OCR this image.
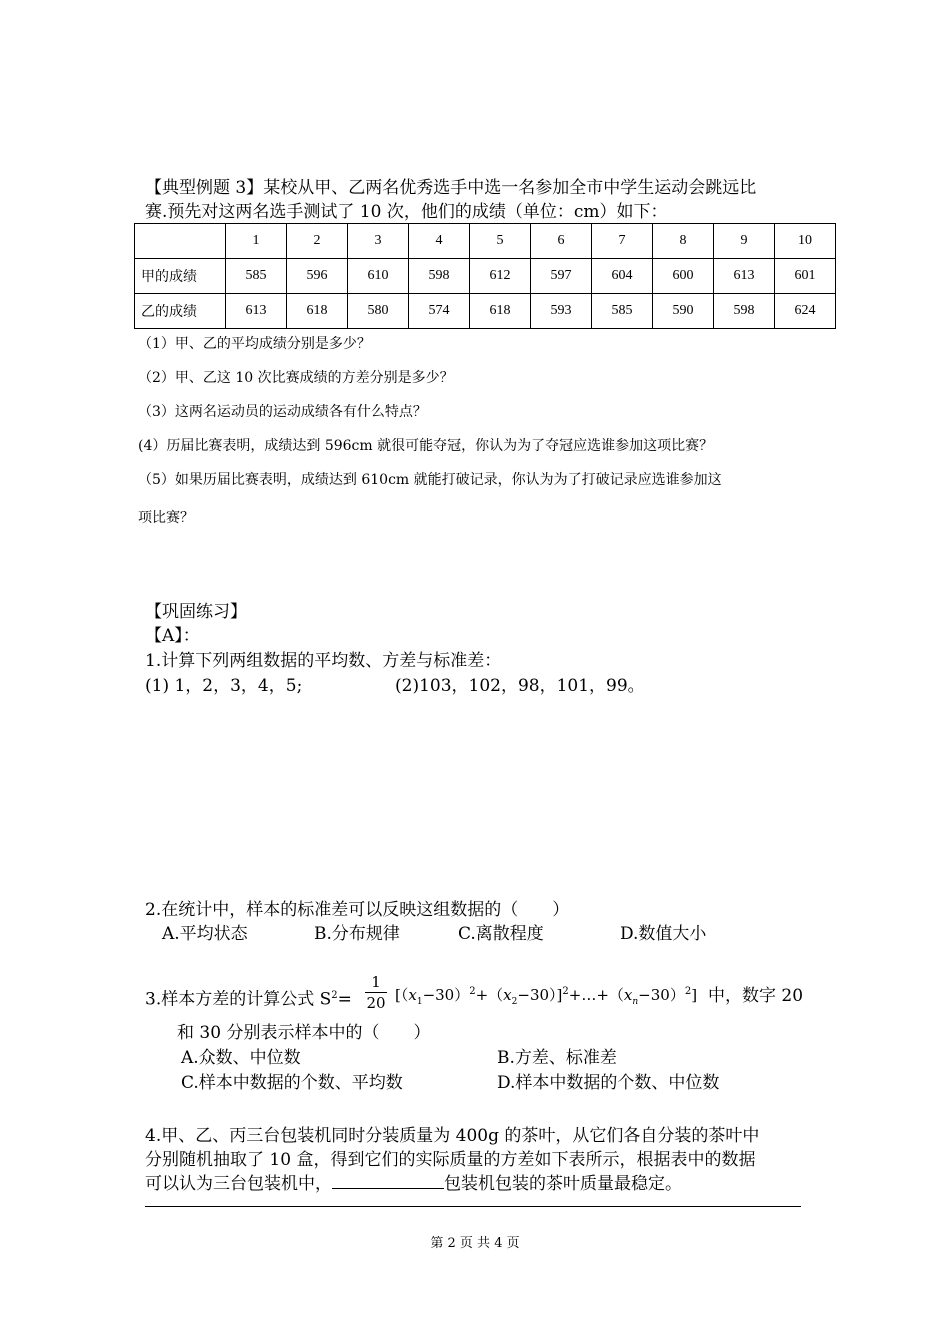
【典型例题 3】某校从甲、乙两名优秀选手中选一名参加全市中学生运动会跳远比
赛.预先对这两名选手测试了 10 次，他们的成绩（单位：cm）如下：
	1	2	3	4	5	6	7	8	9	10
甲的成绩	585	596	610	598	612	597	604	600	613	601
乙的成绩	613	618	580	574	618	593	585	590	598	624
（1）甲、乙的平均成绩分别是多少？
（2）甲、乙这 10 次比赛成绩的方差分别是多少？
（3）这两名运动员的运动成绩各有什么特点？
(4）历届比赛表明，成绩达到 596cm 就很可能夺冠，你认为为了夺冠应选谁参加这项比赛？
（5）如果历届比赛表明，成绩达到 610cm 就能打破记录，你认为为了打破记录应选谁参加这
项比赛？
【巩固练习】
【A】：
1.计算下列两组数据的平均数、方差与标准差：
(1) 1，2，3，4，5;	(2)103，102，98，101，99。
2.在统计中，样本的标准差可以反映这组数据的（　　）
A.平均状态	B.分布规律	C.离散程度	D.数值大小
3.样本方差的计算公式 $S^2=$
1
20 $[(x_1-30)^2+(x_2-30)]^2+\dots+(x_n-30)^2$] 中，数字 20
和 30 分别表示样本中的（　　）
A.众数、中位数	B.方差、标准差
C.样本中数据的个数、平均数	D.样本中数据的个数、中位数
4.甲、乙、丙三台包装机同时分装质量为 400g 的茶叶，从它们各自分装的茶叶中
分别随机抽取了 10 盒，得到它们的实际质量的方差如下表所示，根据表中的数据
可以认为三台包装机中，	包装机包装的茶叶质量最稳定。
第 2 页 共 4 页
